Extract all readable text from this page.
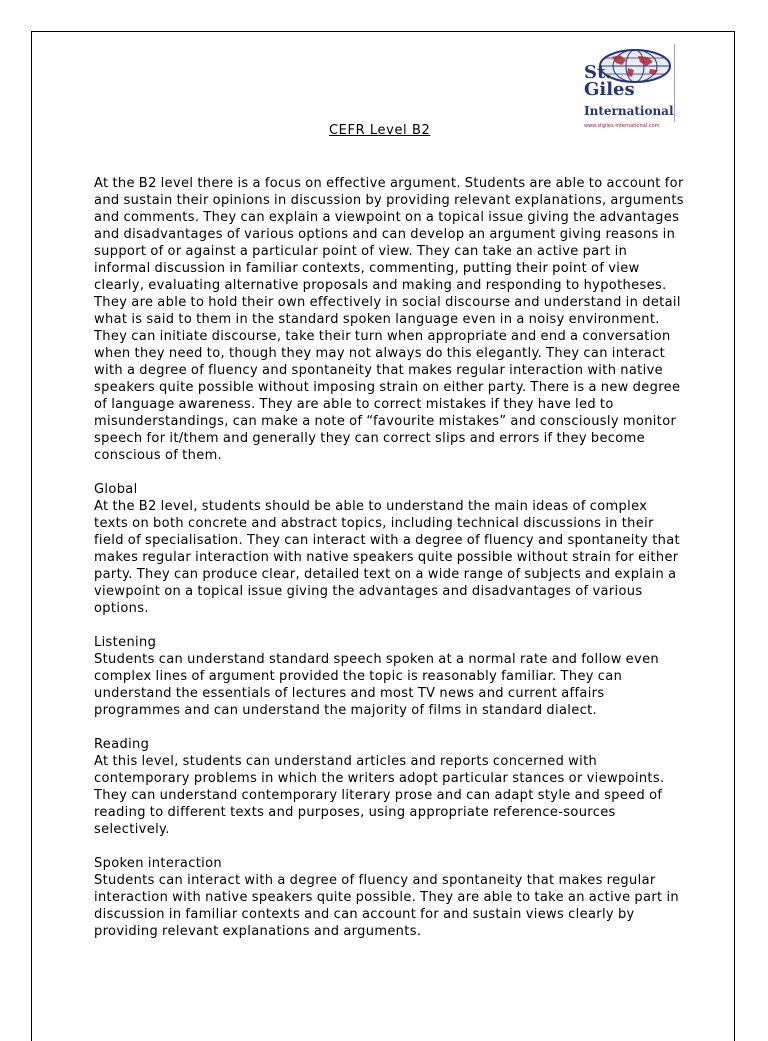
St.
Giles
International
www.stgiles-international.com
CEFR Level B2

At the B2 level there is a focus on effective argument. Students are able to account for and sustain their opinions in discussion by providing relevant explanations, arguments and comments. They can explain a viewpoint on a topical issue giving the advantages and disadvantages of various options and can develop an argument giving reasons in support of or against a particular point of view. They can take an active part in informal discussion in familiar contexts, commenting, putting their point of view clearly, evaluating alternative proposals and making and responding to hypotheses. They are able to hold their own effectively in social discourse and understand in detail what is said to them in the standard spoken language even in a noisy environment. They can initiate discourse, take their turn when appropriate and end a conversation when they need to, though they may not always do this elegantly. They can interact with a degree of fluency and spontaneity that makes regular interaction with native speakers quite possible without imposing strain on either party. There is a new degree of language awareness. They are able to correct mistakes if they have led to misunderstandings, can make a note of “favourite mistakes” and consciously monitor speech for it/them and generally they can correct slips and errors if they become conscious of them.

Global

At the B2 level, students should be able to understand the main ideas of complex texts on both concrete and abstract topics, including technical discussions in their field of specialisation. They can interact with a degree of fluency and spontaneity that makes regular interaction with native speakers quite possible without strain for either party. They can produce clear, detailed text on a wide range of subjects and explain a viewpoint on a topical issue giving the advantages and disadvantages of various options.

Listening

Students can understand standard speech spoken at a normal rate and follow even complex lines of argument provided the topic is reasonably familiar. They can understand the essentials of lectures and most TV news and current affairs programmes and can understand the majority of films in standard dialect.

Reading

At this level, students can understand articles and reports concerned with contemporary problems in which the writers adopt particular stances or viewpoints. They can understand contemporary literary prose and can adapt style and speed of reading to different texts and purposes, using appropriate reference-sources selectively.

Spoken interaction

Students can interact with a degree of fluency and spontaneity that makes regular interaction with native speakers quite possible. They are able to take an active part in discussion in familiar contexts and can account for and sustain views clearly by providing relevant explanations and arguments.
